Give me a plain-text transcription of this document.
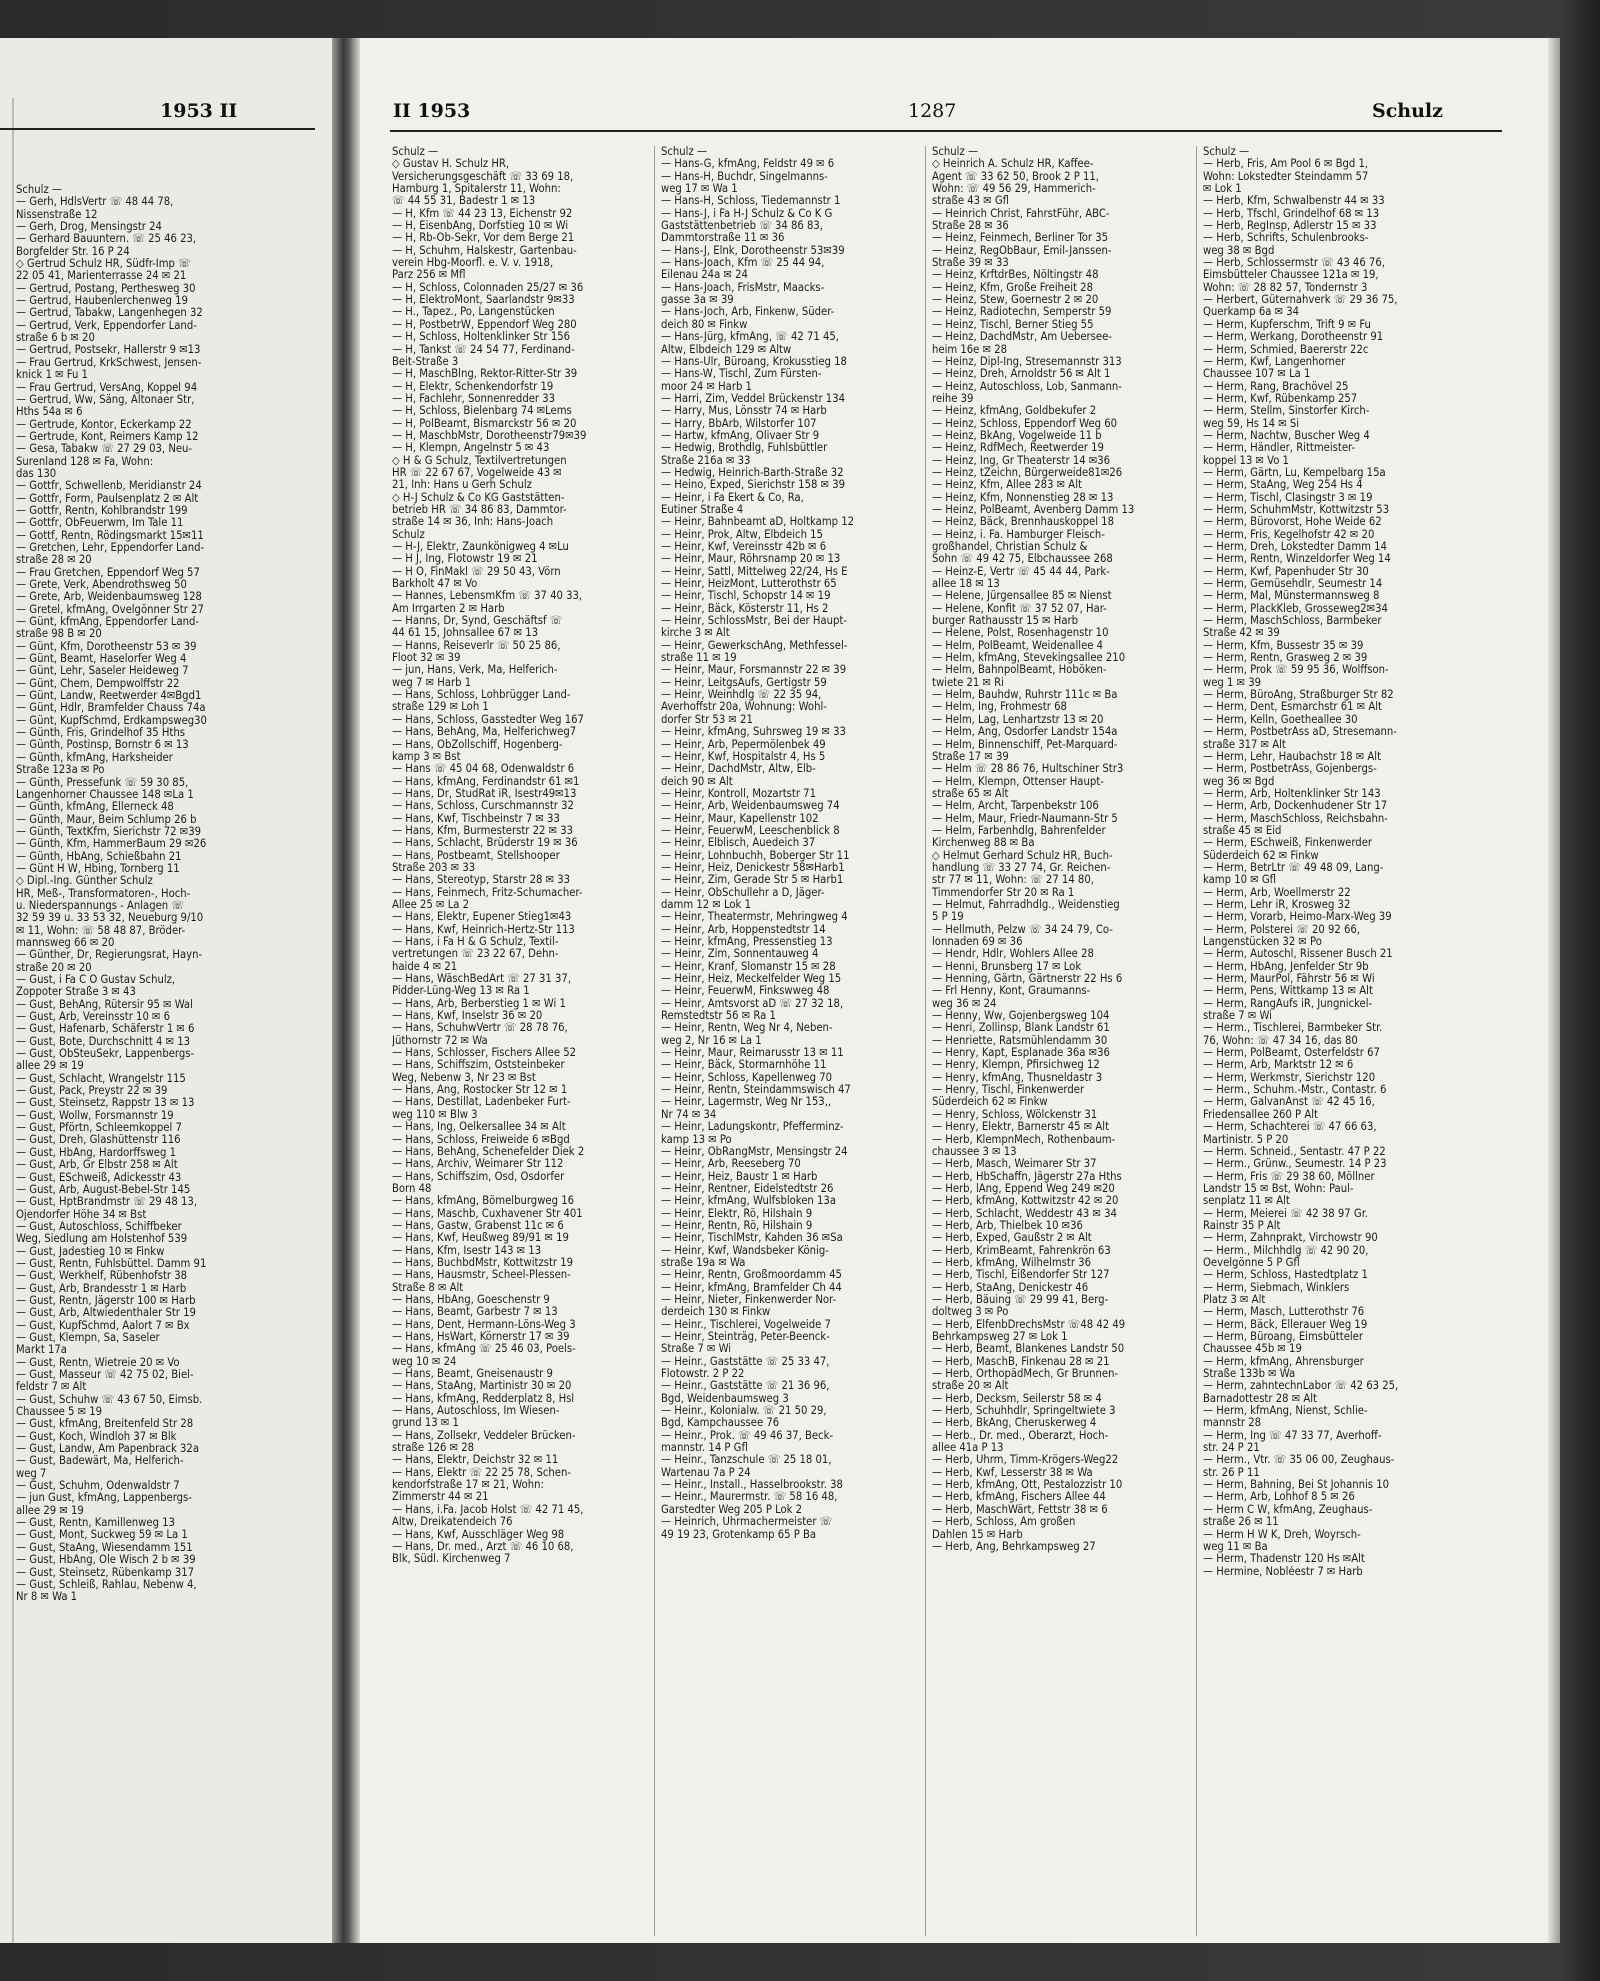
1953 II
Schulz —
— Gerh, HdlsVertr ☏ 48 44 78,
Nissenstraße 12
— Gerh, Drog, Mensingstr 24
— Gerhard Bauuntern. ☏ 25 46 23,
Borgfelder Str. 16 P 24
◇ Gertrud Schulz HR, Südfr-Imp ☏
22 05 41, Marienterrasse 24 ✉ 21
— Gertrud, Postang, Perthesweg 30
— Gertrud, Haubenlerchenweg 19
— Gertrud, Tabakw, Langenhegen 32
— Gertrud, Verk, Eppendorfer Land-
straße 6 b ✉ 20
— Gertrud, Postsekr, Hallerstr 9 ✉13
— Frau Gertrud, KrkSchwest, Jensen-
knick 1 ✉ Fu 1
— Frau Gertrud, VersAng, Koppel 94
— Gertrud, Ww, Säng, Altonaer Str,
Hths 54a ✉ 6
— Gertrude, Kontor, Eckerkamp 22
— Gertrude, Kont, Reimers Kamp 12
— Gesa, Tabakw ☏ 27 29 03, Neu-
Surenland 128 ✉ Fa, Wohn:
das 130
— Gottfr, Schwellenb, Meridianstr 24
— Gottfr, Form, Paulsenplatz 2 ✉ Alt
— Gottfr, Rentn, Kohlbrandstr 199
— Gottfr, ObFeuerwm, Im Tale 11
— Gottf, Rentn, Rödingsmarkt 15✉11
— Gretchen, Lehr, Eppendorfer Land-
straße 28 ✉ 20
— Frau Gretchen, Eppendorf Weg 57
— Grete, Verk, Abendrothsweg 50
— Grete, Arb, Weidenbaumsweg 128
— Gretel, kfmAng, Ovelgönner Str 27
— Günt, kfmAng, Eppendorfer Land-
straße 98 B ✉ 20
— Günt, Kfm, Dorotheenstr 53 ✉ 39
— Günt, Beamt, Haselorfer Weg 4
— Günt, Lehr, Saseler Heideweg 7
— Günt, Chem, Dempwolffstr 22
— Günt, Landw, Reetwerder 4✉Bgd1
— Günt, Hdlr, Bramfelder Chauss 74a
— Günt, KupfSchmd, Erdkampsweg30
— Günth, Fris, Grindelhof 35 Hths
— Günth, Postinsp, Bornstr 6 ✉ 13
— Günth, kfmAng, Harksheider
Straße 123a ✉ Po
— Günth, Pressefunk ☏ 59 30 85,
Langenhorner Chaussee 148 ✉La 1
— Günth, kfmAng, Ellerneck 48
— Günth, Maur, Beim Schlump 26 b
— Günth, TextKfm, Sierichstr 72 ✉39
— Günth, Kfm, HammerBaum 29 ✉26
— Günth, HbAng, Schießbahn 21
— Günt H W, Hbing, Tornberg 11
◇ Dipl.-Ing. Günther Schulz
HR, Meß-, Transformatoren-, Hoch-
u. Niederspannungs - Anlagen ☏
32 59 39 u. 33 53 32, Neueburg 9/10
✉ 11, Wohn: ☏ 58 48 87, Bröder-
mannsweg 66 ✉ 20
— Günther, Dr, Regierungsrat, Hayn-
straße 20 ✉ 20
— Gust, i Fa C O Gustav Schulz,
Zoppoter Straße 3 ✉ 43
— Gust, BehAng, Rütersir 95 ✉ Wal
— Gust, Arb, Vereinsstr 10 ✉ 6
— Gust, Hafenarb, Schäferstr 1 ✉ 6
— Gust, Bote, Durchschnitt 4 ✉ 13
— Gust, ObSteuSekr, Lappenbergs-
allee 29 ✉ 19
— Gust, Schlacht, Wrangelstr 115
— Gust, Pack, Preystr 22 ✉ 39
— Gust, Steinsetz, Rappstr 13 ✉ 13
— Gust, Wollw, Forsmannstr 19
— Gust, Pförtn, Schleemkoppel 7
— Gust, Dreh, Glashüttenstr 116
— Gust, HbAng, Hardorffsweg 1
— Gust, Arb, Gr Elbstr 258 ✉ Alt
— Gust, ESchweiß, Adickesstr 43
— Gust, Arb, August-Bebel-Str 145
— Gust, HptBrandmstr ☏ 29 48 13,
Ojendorfer Höhe 34 ✉ Bst
— Gust, Autoschloss, Schiffbeker
Weg, Siedlung am Holstenhof 539
— Gust, Jadestieg 10 ✉ Finkw
— Gust, Rentn, Fuhlsbüttel. Damm 91
— Gust, Werkhelf, Rübenhofstr 38
— Gust, Arb, Brandesstr 1 ✉ Harb
— Gust, Rentn, Jägerstr 100 ✉ Harb
— Gust, Arb, Altwiedenthaler Str 19
— Gust, KupfSchmd, Aalort 7 ✉ Bx
— Gust, Klempn, Sa, Saseler
Markt 17a
— Gust, Rentn, Wietreie 20 ✉ Vo
— Gust, Masseur ☏ 42 75 02, Biel-
feldstr 7 ✉ Alt
— Gust, Schuhw ☏ 43 67 50, Eimsb.
Chaussee 5 ✉ 19
— Gust, kfmAng, Breitenfeld Str 28
— Gust, Koch, Windloh 37 ✉ Blk
— Gust, Landw, Am Papenbrack 32a
— Gust, Badewärt, Ma, Helferich-
weg 7
— Gust, Schuhm, Odenwaldstr 7
— jun Gust, kfmAng, Lappenbergs-
allee 29 ✉ 19
— Gust, Rentn, Kamillenweg 13
— Gust, Mont, Suckweg 59 ✉ La 1
— Gust, StaAng, Wiesendamm 151
— Gust, HbAng, Ole Wisch 2 b ✉ 39
— Gust, Steinsetz, Rübenkamp 317
— Gust, Schleiß, Rahlau, Nebenw 4,
Nr 8 ✉ Wa 1
II 1953	1287	Schulz
Schulz —
◇ Gustav H. Schulz HR,
Versicherungsgeschäft ☏ 33 69 18,
Hamburg 1, Spitalerstr 11, Wohn:
☏ 44 55 31, Badestr 1 ✉ 13
— H, Kfm ☏ 44 23 13, Eichenstr 92
— H, EisenbAng, Dorfstieg 10 ✉ Wi
— H, Rb-Ob-Sekr, Vor dem Berge 21
— H, Schuhm, Halskestr, Gartenbau-
verein Hbg-Moorfl. e. V. v. 1918,
Parz 256 ✉ Mfl
— H, Schloss, Colonnaden 25/27 ✉ 36
— H, ElektroMont, Saarlandstr 9✉33
— H., Tapez., Po, Langenstücken
— H, PostbetrW, Eppendorf Weg 280
— H, Schloss, Holtenklinker Str 156
— H, Tankst ☏ 24 54 77, Ferdinand-
Beit-Straße 3
— H, MaschBlng, Rektor-Ritter-Str 39
— H, Elektr, Schenkendorfstr 19
— H, Fachlehr, Sonnenredder 33
— H, Schloss, Bielenbarg 74 ✉Lems
— H, PolBeamt, Bismarckstr 56 ✉ 20
— H, MaschbMstr, Dorotheenstr79✉39
— H, Klempn, Angelnstr 5 ✉ 43
◇ H & G Schulz, Textilvertretungen
HR ☏ 22 67 67, Vogelweide 43 ✉
21, Inh: Hans u Gerh Schulz
◇ H-J Schulz & Co KG Gaststätten-
betrieb HR ☏ 34 86 83, Dammtor-
straße 14 ✉ 36, Inh: Hans-Joach
Schulz
— H-J, Elektr, Zaunkönigweg 4 ✉Lu
— H J, Ing, Flotowstr 19 ✉ 21
— H O, FinMakl ☏ 29 50 43, Vörn
Barkholt 47 ✉ Vo
— Hannes, LebensmKfm ☏ 37 40 33,
Am Irrgarten 2 ✉ Harb
— Hanns, Dr, Synd, Geschäftsf ☏
44 61 15, Johnsallee 67 ✉ 13
— Hanns, Reiseverlr ☏ 50 25 86,
Floot 32 ✉ 39
— jun, Hans, Verk, Ma, Helferich-
weg 7 ✉ Harb 1
— Hans, Schloss, Lohbrügger Land-
straße 129 ✉ Loh 1
— Hans, Schloss, Gasstedter Weg 167
— Hans, BehAng, Ma, Helferichweg7
— Hans, ObZollschiff, Hogenberg-
kamp 3 ✉ Bst
— Hans ☏ 45 04 68, Odenwaldstr 6
— Hans, kfmAng, Ferdinandstr 61 ✉1
— Hans, Dr, StudRat iR, Isestr49✉13
— Hans, Schloss, Curschmannstr 32
— Hans, Kwf, Tischbeinstr 7 ✉ 33
— Hans, Kfm, Burmesterstr 22 ✉ 33
— Hans, Schlacht, Brüderstr 19 ✉ 36
— Hans, Postbeamt, Stellshooper
Straße 203 ✉ 33
— Hans, Stereotyp, Starstr 28 ✉ 33
— Hans, Feinmech, Fritz-Schumacher-
Allee 25 ✉ La 2
— Hans, Elektr, Eupener Stieg1✉43
— Hans, Kwf, Heinrich-Hertz-Str 113
— Hans, i Fa H & G Schulz, Textil-
vertretungen ☏ 23 22 67, Dehn-
haide 4 ✉ 21
— Hans, WäschBedArt ☏ 27 31 37,
Pidder-Lüng-Weg 13 ✉ Ra 1
— Hans, Arb, Berberstieg 1 ✉ Wi 1
— Hans, Kwf, Inselstr 36 ✉ 20
— Hans, SchuhwVertr ☏ 28 78 76,
Jüthornstr 72 ✉ Wa
— Hans, Schlosser, Fischers Allee 52
— Hans, Schiffszim, Oststeinbeker
Weg, Nebenw 3, Nr 23 ✉ Bst
— Hans, Ang, Rostocker Str 12 ✉ 1
— Hans, Destillat, Ladenbeker Furt-
weg 110 ✉ Blw 3
— Hans, Ing, Oelkersallee 34 ✉ Alt
— Hans, Schloss, Freiweide 6 ✉Bgd
— Hans, BehAng, Schenefelder Diek 2
— Hans, Archiv, Weimarer Str 112
— Hans, Schiffszim, Osd, Osdorfer
Born 48
— Hans, kfmAng, Bömelburgweg 16
— Hans, Maschb, Cuxhavener Str 401
— Hans, Gastw, Grabenst 11c ✉ 6
— Hans, Kwf, Heußweg 89/91 ✉ 19
— Hans, Kfm, Isestr 143 ✉ 13
— Hans, BuchbdMstr, Kottwitzstr 19
— Hans, Hausmstr, Scheel-Plessen-
Straße 8 ✉ Alt
— Hans, HbAng, Goeschenstr 9
— Hans, Beamt, Garbestr 7 ✉ 13
— Hans, Dent, Hermann-Löns-Weg 3
— Hans, HsWart, Körnerstr 17 ✉ 39
— Hans, kfmAng ☏ 25 46 03, Poels-
weg 10 ✉ 24
— Hans, Beamt, Gneisenaustr 9
— Hans, StaAng, Martinistr 30 ✉ 20
— Hans, kfmAng, Redderplatz 8, Hsl
— Hans, Autoschloss, Im Wiesen-
grund 13 ✉ 1
— Hans, Zollsekr, Veddeler Brücken-
straße 126 ✉ 28
— Hans, Elektr, Deichstr 32 ✉ 11
— Hans, Elektr ☏ 22 25 78, Schen-
kendorfstraße 17 ✉ 21, Wohn:
Zimmerstr 44 ✉ 21
— Hans, i.Fa. Jacob Holst ☏ 42 71 45,
Altw, Dreikatendeich 76
— Hans, Kwf, Ausschläger Weg 98
— Hans, Dr. med., Arzt ☏ 46 10 68,
Blk, Südl. Kirchenweg 7
Schulz —
— Hans-G, kfmAng, Feldstr 49 ✉ 6
— Hans-H, Buchdr, Singelmanns-
weg 17 ✉ Wa 1
— Hans-H, Schloss, Tiedemannstr 1
— Hans-J, i Fa H-J Schulz & Co K G
Gaststättenbetrieb ☏ 34 86 83,
Dammtorstraße 11 ✉ 36
— Hans-J, Elnk, Dorotheenstr 53✉39
— Hans-Joach, Kfm ☏ 25 44 94,
Eilenau 24a ✉ 24
— Hans-Joach, FrisMstr, Maacks-
gasse 3a ✉ 39
— Hans-Joch, Arb, Finkenw, Süder-
deich 80 ✉ Finkw
— Hans-Jürg, kfmAng, ☏ 42 71 45,
Altw, Elbdeich 129 ✉ Altw
— Hans-Ulr, Büroang, Krokusstieg 18
— Hans-W, Tischl, Zum Fürsten-
moor 24 ✉ Harb 1
— Harri, Zim, Veddel Brückenstr 134
— Harry, Mus, Lönsstr 74 ✉ Harb
— Harry, BbArb, Wilstorfer 107
— Hartw, kfmAng, Olivaer Str 9
— Hedwig, Brothdlg, Fuhlsbüttler
Straße 216a ✉ 33
— Hedwig, Heinrich-Barth-Straße 32
— Heino, Exped, Sierichstr 158 ✉ 39
— Heinr, i Fa Ekert & Co, Ra,
Eutiner Straße 4
— Heinr, Bahnbeamt aD, Holtkamp 12
— Heinr, Prok, Altw, Elbdeich 15
— Heinr, Kwf, Vereinsstr 42b ✉ 6
— Heinr, Maur, Röhrsnamp 20 ✉ 13
— Heinr, Sattl, Mittelweg 22/24, Hs E
— Heinr, HeizMont, Lutterothstr 65
— Heinr, Tischl, Schopstr 14 ✉ 19
— Heinr, Bäck, Kösterstr 11, Hs 2
— Heinr, SchlossMstr, Bei der Haupt-
kirche 3 ✉ Alt
— Heinr, GewerkschAng, Methfessel-
straße 11 ✉ 19
— Heinr, Maur, Forsmannstr 22 ✉ 39
— Heinr, LeitgsAufs, Gertigstr 59
— Heinr, Weinhdlg ☏ 22 35 94,
Averhoffstr 20a, Wohnung: Wohl-
dorfer Str 53 ✉ 21
— Heinr, kfmAng, Suhrsweg 19 ✉ 33
— Heinr, Arb, Pepermölenbek 49
— Heinr, Kwf, Hospitalstr 4, Hs 5
— Heinr, DachdMstr, Altw, Elb-
deich 90 ✉ Alt
— Heinr, Kontroll, Mozartstr 71
— Heinr, Arb, Weidenbaumsweg 74
— Heinr, Maur, Kapellenstr 102
— Heinr, FeuerwM, Leeschenblick 8
— Heinr, Elblisch, Auedeich 37
— Heinr, Lohnbuchh, Boberger Str 11
— Heinr, Heiz, Denickestr 58✉Harb1
— Heinr, Zim, Gerade Str 5 ✉ Harb1
— Heinr, ObSchullehr a D, Jäger-
damm 12 ✉ Lok 1
— Heinr, Theatermstr, Mehringweg 4
— Heinr, Arb, Hoppenstedtstr 14
— Heinr, kfmAng, Pressenstieg 13
— Heinr, Zim, Sonnentauweg 4
— Heinr, Kranf, Slomanstr 15 ✉ 28
— Heinr, Heiz, Meckelfelder Weg 15
— Heinr, FeuerwM, Finkswweg 48
— Heinr, Amtsvorst aD ☏ 27 32 18,
Remstedtstr 56 ✉ Ra 1
— Heinr, Rentn, Weg Nr 4, Neben-
weg 2, Nr 16 ✉ La 1
— Heinr, Maur, Reimarusstr 13 ✉ 11
— Heinr, Bäck, Stormarnhöhe 11
— Heinr, Schloss, Kapellenweg 70
— Heinr, Rentn, Steindammswisch 47
— Heinr, Lagermstr, Weg Nr 153,,
Nr 74 ✉ 34
— Heinr, Ladungskontr, Pfefferminz-
kamp 13 ✉ Po
— Heinr, ObRangMstr, Mensingstr 24
— Heinr, Arb, Reeseberg 70
— Heinr, Heiz, Baustr 1 ✉ Harb
— Heinr, Rentner, Eidelstedtstr 26
— Heinr, kfmAng, Wulfsbloken 13a
— Heinr, Elektr, Rö, Hilshain 9
— Heinr, Rentn, Rö, Hilshain 9
— Heinr, TischlMstr, Kahden 36 ✉Sa
— Heinr, Kwf, Wandsbeker König-
straße 19a ✉ Wa
— Heinr, Rentn, Großmoordamm 45
— Heinr, kfmAng, Bramfelder Ch 44
— Heinr, Nieter, Finkenwerder Nor-
derdeich 130 ✉ Finkw
— Heinr., Tischlerei, Vogelweide 7
— Heinr, Steinträg, Peter-Beenck-
Straße 7 ✉ Wi
— Heinr., Gaststätte ☏ 25 33 47,
Flotowstr. 2 P 22
— Heinr., Gaststätte ☏ 21 36 96,
Bgd, Weidenbaumsweg 3
— Heinr., Kolonialw. ☏ 21 50 29,
Bgd, Kampchaussee 76
— Heinr., Prok. ☏ 49 46 37, Beck-
mannstr. 14 P Gfl
— Heinr., Tanzschule ☏ 25 18 01,
Wartenau 7a P 24
— Heinr., Install., Hasselbrookstr. 38
— Heinr., Maurermstr. ☏ 58 16 48,
Garstedter Weg 205 P Lok 2
— Heinrich, Uhrmachermeister ☏
49 19 23, Grotenkamp 65 P Ba
Schulz —
◇ Heinrich A. Schulz HR, Kaffee-
Agent ☏ 33 62 50, Brook 2 P 11,
Wohn: ☏ 49 56 29, Hammerich-
straße 43 ✉ Gfl
— Heinrich Christ, FahrstFühr, ABC-
Straße 28 ✉ 36
— Heinz, Feinmech, Berliner Tor 35
— Heinz, RegObBaur, Emil-Janssen-
Straße 39 ✉ 33
— Heinz, KrftdrBes, Nöltingstr 48
— Heinz, Kfm, Große Freiheit 28
— Heinz, Stew, Goernestr 2 ✉ 20
— Heinz, Radiotechn, Semperstr 59
— Heinz, Tischl, Berner Stieg 55
— Heinz, DachdMstr, Am Uebersee-
heim 16e ✉ 28
— Heinz, Dipl-Ing, Stresemannstr 313
— Heinz, Dreh, Arnoldstr 56 ✉ Alt 1
— Heinz, Autoschloss, Lob, Sanmann-
reihe 39
— Heinz, kfmAng, Goldbekufer 2
— Heinz, Schloss, Eppendorf Weg 60
— Heinz, BkAng, Vogelweide 11 b
— Heinz, RdfMech, Reetwerder 19
— Heinz, Ing, Gr Theaterstr 14 ✉36
— Heinz, tZeichn, Bürgerweide81✉26
— Heinz, Kfm, Allee 283 ✉ Alt
— Heinz, Kfm, Nonnenstieg 28 ✉ 13
— Heinz, PolBeamt, Avenberg Damm 13
— Heinz, Bäck, Brennhauskoppel 18
— Heinz, i. Fa. Hamburger Fleisch-
großhandel, Christian Schulz &
Sohn ☏ 49 42 75, Elbchaussee 268
— Heinz-E, Vertr ☏ 45 44 44, Park-
allee 18 ✉ 13
— Helene, Jürgensallee 85 ✉ Nienst
— Helene, Konfit ☏ 37 52 07, Har-
burger Rathausstr 15 ✉ Harb
— Helene, Polst, Rosenhagenstr 10
— Helm, PolBeamt, Weidenallee 4
— Helm, kfmAng, Stevekingsallee 210
— Helm, BahnpolBeamt, Hoböken-
twiete 21 ✉ Ri
— Helm, Bauhdw, Ruhrstr 111c ✉ Ba
— Helm, Ing, Frohmestr 68
— Helm, Lag, Lenhartzstr 13 ✉ 20
— Helm, Ang, Osdorfer Landstr 154a
— Helm, Binnenschiff, Pet-Marquard-
Straße 17 ✉ 39
— Helm ☏ 28 86 76, Hultschiner Str3
— Helm, Klempn, Ottenser Haupt-
straße 65 ✉ Alt
— Helm, Archt, Tarpenbekstr 106
— Helm, Maur, Friedr-Naumann-Str 5
— Helm, Farbenhdlg, Bahrenfelder
Kirchenweg 88 ✉ Ba
◇ Helmut Gerhard Schulz HR, Buch-
handlung ☏ 33 27 74, Gr. Reichen-
str 77 ✉ 11, Wohn: ☏ 27 14 80,
Timmendorfer Str 20 ✉ Ra 1
— Helmut, Fahrradhdlg., Weidenstieg
5 P 19
— Hellmuth, Pelzw ☏ 34 24 79, Co-
lonnaden 69 ✉ 36
— Hendr, Hdlr, Wohlers Allee 28
— Henni, Brunsberg 17 ✉ Lok
— Henning, Gärtn, Gärtnerstr 22 Hs 6
— Frl Henny, Kont, Graumanns-
weg 36 ✉ 24
— Henny, Ww, Gojenbergsweg 104
— Henri, Zollinsp, Blank Landstr 61
— Henriette, Ratsmühlendamm 30
— Henry, Kapt, Esplanade 36a ✉36
— Henry, Klempn, Pfirsichweg 12
— Henry, kfmAng, Thusneldastr 3
— Henry, Tischl, Finkenwerder
Süderdeich 62 ✉ Finkw
— Henry, Schloss, Wölckenstr 31
— Henry, Elektr, Barnerstr 45 ✉ Alt
— Herb, KlempnMech, Rothenbaum-
chaussee 3 ✉ 13
— Herb, Masch, Weimarer Str 37
— Herb, HbSchaffn, Jägerstr 27a Hths
— Herb, lAng, Eppend Weg 249 ✉20
— Herb, kfmAng, Kottwitzstr 42 ✉ 20
— Herb, Schlacht, Weddestr 43 ✉ 34
— Herb, Arb, Thielbek 10 ✉36
— Herb, Exped, Gaußstr 2 ✉ Alt
— Herb, KrimBeamt, Fahrenkrön 63
— Herb, kfmAng, Wilhelmstr 36
— Herb, Tischl, Eißendorfer Str 127
— Herb, StaAng, Denickestr 46
— Herb, Bäuing ☏ 29 99 41, Berg-
doltweg 3 ✉ Po
— Herb, ElfenbDrechsMstr ☏48 42 49
Behrkampsweg 27 ✉ Lok 1
— Herb, Beamt, Blankenes Landstr 50
— Herb, MaschB, Finkenau 28 ✉ 21
— Herb, OrthopädMech, Gr Brunnen-
straße 20 ✉ Alt
— Herb, Decksm, Seilerstr 58 ✉ 4
— Herb, Schuhhdlr, Springeltwiete 3
— Herb, BkAng, Cheruskerweg 4
— Herb., Dr. med., Oberarzt, Hoch-
allee 41a P 13
— Herb, Uhrm, Timm-Krögers-Weg22
— Herb, Kwf, Lesserstr 38 ✉ Wa
— Herb, kfmAng, Ott, Pestalozzistr 10
— Herb, kfmAng, Fischers Allee 44
— Herb, MaschWärt, Fettstr 38 ✉ 6
— Herb, Schloss, Am großen
Dahlen 15 ✉ Harb
— Herb, Ang, Behrkampsweg 27
Schulz —
— Herb, Fris, Am Pool 6 ✉ Bgd 1,
Wohn: Lokstedter Steindamm 57
✉ Lok 1
— Herb, Kfm, Schwalbenstr 44 ✉ 33
— Herb, Tfschl, Grindelhof 68 ✉ 13
— Herb, RegInsp, Adlerstr 15 ✉ 33
— Herb, Schrifts, Schulenbrooks-
weg 38 ✉ Bgd
— Herb, Schlossermstr ☏ 43 46 76,
Eimsbütteler Chaussee 121a ✉ 19,
Wohn: ☏ 28 82 57, Tondernstr 3
— Herbert, Güternahverk ☏ 29 36 75,
Querkamp 6a ✉ 34
— Herm, Kupferschm, Trift 9 ✉ Fu
— Herm, Werkang, Dorotheenstr 91
— Herm, Schmied, Baererstr 22c
— Herm, Kwf, Langenhorner
Chaussee 107 ✉ La 1
— Herm, Rang, Brachövel 25
— Herm, Kwf, Rübenkamp 257
— Herm, Stellm, Sinstorfer Kirch-
weg 59, Hs 14 ✉ Si
— Herm, Nachtw, Buscher Weg 4
— Herm, Händler, Rittmeister-
koppel 13 ✉ Vo 1
— Herm, Gärtn, Lu, Kempelbarg 15a
— Herm, StaAng, Weg 254 Hs 4
— Herm, Tischl, Clasingstr 3 ✉ 19
— Herm, SchuhmMstr, Kottwitzstr 53
— Herm, Bürovorst, Hohe Weide 62
— Herm, Fris, Kegelhofstr 42 ✉ 20
— Herm, Dreh, Lokstedter Damm 14
— Herm, Rentn, Winzeldorfer Weg 14
— Herm, Kwf, Papenhuder Str 30
— Herm, Gemüsehdlr, Seumestr 14
— Herm, Mal, Münstermannsweg 8
— Herm, PlackKleb, Grosseweg2✉34
— Herm, MaschSchloss, Barmbeker
Straße 42 ✉ 39
— Herm, Kfm, Bussestr 35 ✉ 39
— Herm, Rentn, Grasweg 2 ✉ 39
— Herm, Prok ☏ 59 95 36, Wolffson-
weg 1 ✉ 39
— Herm, BüroAng, Straßburger Str 82
— Herm, Dent, Esmarchstr 61 ✉ Alt
— Herm, Kelln, Goetheallee 30
— Herm, PostbetrAss aD, Stresemann-
straße 317 ✉ Alt
— Herm, Lehr, Haubachstr 18 ✉ Alt
— Herm, PostbetrAss, Gojenbergs-
weg 36 ✉ Bgd
— Herm, Arb, Holtenklinker Str 143
— Herm, Arb, Dockenhudener Str 17
— Herm, MaschSchloss, Reichsbahn-
straße 45 ✉ Eid
— Herm, ESchweiß, Finkenwerder
Süderdeich 62 ✉ Finkw
— Herm, BetrLtr ☏ 49 48 09, Lang-
kamp 10 ✉ Gfl
— Herm, Arb, Woellmerstr 22
— Herm, Lehr iR, Krosweg 32
— Herm, Vorarb, Heimo-Marx-Weg 39
— Herm, Polsterei ☏ 20 92 66,
Langenstücken 32 ✉ Po
— Herm, Autoschl, Rissener Busch 21
— Herm, HbAng, Jenfelder Str 9b
— Herm, MaurPol, Fährstr 56 ✉ Wi
— Herm, Pens, Wittkamp 13 ✉ Alt
— Herm, RangAufs iR, Jungnickel-
straße 7 ✉ Wi
— Herm., Tischlerei, Barmbeker Str.
76, Wohn: ☏ 47 34 16, das 80
— Herm, PolBeamt, Osterfeldstr 67
— Herm, Arb, Marktstr 12 ✉ 6
— Herm, Werkmstr, Sierichstr 120
— Herm., Schuhm.-Mstr., Contastr. 6
— Herm, GalvanAnst ☏ 42 45 16,
Friedensallee 260 P Alt
— Herm, Schachterei ☏ 47 66 63,
Martinistr. 5 P 20
— Herm. Schneid., Sentastr. 47 P 22
— Herm., Grünw., Seumestr. 14 P 23
— Herm, Fris ☏ 29 38 60, Möllner
Landstr 15 ✉ Bst, Wohn: Paul-
senplatz 11 ✉ Alt
— Herm, Meierei ☏ 42 38 97 Gr.
Rainstr 35 P Alt
— Herm, Zahnprakt, Virchowstr 90
— Herm., Milchhdlg ☏ 42 90 20,
Oevelgönne 5 P Gfl
— Herm, Schloss, Hastedtplatz 1
— Herm, Siebmach, Winklers
Platz 3 ✉ Alt
— Herm, Masch, Lutterothstr 76
— Herm, Bäck, Ellerauer Weg 19
— Herm, Büroang, Eimsbütteler
Chaussee 45b ✉ 19
— Herm, kfmAng, Ahrensburger
Straße 133b ✉ Wa
— Herm, zahntechnLabor ☏ 42 63 25,
Barnadottestr 28 ✉ Alt
— Herm, kfmAng, Nienst, Schlie-
mannstr 28
— Herm, Ing ☏ 47 33 77, Averhoff-
str. 24 P 21
— Herm., Vtr. ☏ 35 06 00, Zeughaus-
str. 26 P 11
— Herm, Bahning, Bei St Johannis 10
— Herm, Arb, Lohhof 8 5 ✉ 26
— Herm C W, kfmAng, Zeughaus-
straße 26 ✉ 11
— Herm H W K, Dreh, Woyrsch-
weg 11 ✉ Ba
— Herm, Thadenstr 120 Hs ✉Alt
— Hermine, Nobléestr 7 ✉ Harb
